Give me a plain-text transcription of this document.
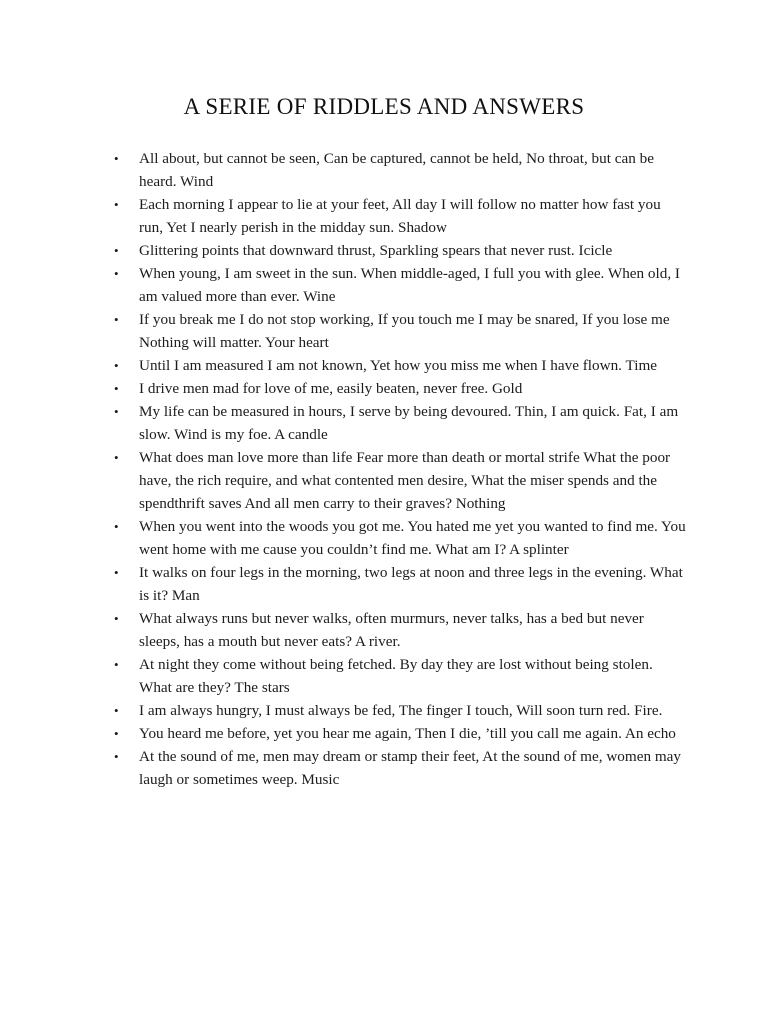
A SERIE OF RIDDLES AND ANSWERS
• All about, but cannot be seen, Can be captured, cannot be held, No throat, but can be heard. Wind
• Each morning I appear to lie at your feet, All day I will follow no matter how fast you run, Yet I nearly perish in the midday sun. Shadow
• Glittering points that downward thrust, Sparkling spears that never rust. Icicle
• When young, I am sweet in the sun. When middle-aged, I full you with glee. When old, I am valued more than ever. Wine
• If you break me I do not stop working, If you touch me I may be snared, If you lose me Nothing will matter. Your heart
• Until I am measured I am not known, Yet how you miss me when I have flown. Time
• I drive men mad for love of me, easily beaten, never free. Gold
• My life can be measured in hours, I serve by being devoured. Thin, I am quick. Fat, I am slow. Wind is my foe. A candle
• What does man love more than life Fear more than death or mortal strife What the poor have, the rich require, and what contented men desire, What the miser spends and the spendthrift saves And all men carry to their graves? Nothing
• When you went into the woods you got me. You hated me yet you wanted to find me. You went home with me cause you couldn’t find me. What am I? A splinter
• It walks on four legs in the morning, two legs at noon and three legs in the evening. What is it? Man
• What always runs but never walks, often murmurs, never talks, has a bed but never sleeps, has a mouth but never eats? A river.
• At night they come without being fetched. By day they are lost without being stolen. What are they? The stars
• I am always hungry, I must always be fed, The finger I touch, Will soon turn red. Fire.
• You heard me before, yet you hear me again, Then I die, ’till you call me again. An echo
• At the sound of me, men may dream or stamp their feet, At the sound of me, women may laugh or sometimes weep. Music
